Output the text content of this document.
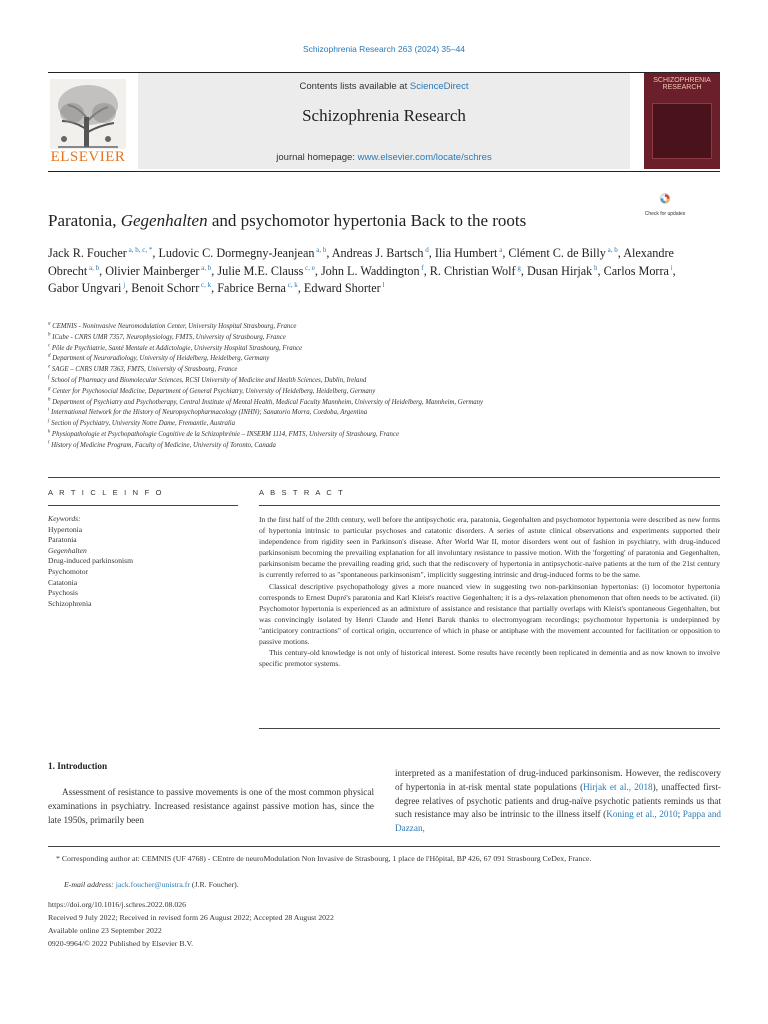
Schizophrenia Research 263 (2024) 35–44
ELSEVIER
Contents lists available at ScienceDirect
Schizophrenia Research
journal homepage: www.elsevier.com/locate/schres
SCHIZOPHRENIA RESEARCH
Paratonia, Gegenhalten and psychomotor hypertonia Back to the roots	Check for updates
Jack R. Foucher $^{a, b, c, *}$, Ludovic C. Dormegny-Jeanjean $^{a, b}$, Andreas J. Bartsch $^d$, Ilia Humbert $^a$, Clément C. de Billy $^{a, b}$, Alexandre Obrecht $^{a, b}$, Olivier Mainberger $^{a, b}$, Julie M.E. Clauss $^{c, e}$, John L. Waddington $^f$, R. Christian Wolf $^g$, Dusan Hirjak $^h$, Carlos Morra $^i$, Gabor Ungvari $^j$, Benoit Schorr $^{c, k}$, Fabrice Berna $^{c, k}$, Edward Shorter $^l$
$^a$ CEMNIS - Noninvasive Neuromodulation Center, University Hospital Strasbourg, France
$^b$ ICube - CNRS UMR 7357, Neurophysiology, FMTS, University of Strasbourg, France
$^c$ Pôle de Psychiatrie, Santé Mentale et Addictologie, University Hospital Strasbourg, France
$^d$ Department of Neuroradiology, University of Heidelberg, Heidelberg, Germany
$^e$ SAGE – CNRS UMR 7363, FMTS, University of Strasbourg, France
$^f$ School of Pharmacy and Biomolecular Sciences, RCSI University of Medicine and Health Sciences, Dublin, Ireland
$^g$ Center for Psychosocial Medicine, Department of General Psychiatry, University of Heidelberg, Heidelberg, Germany
$^h$ Department of Psychiatry and Psychotherapy, Central Institute of Mental Health, Medical Faculty Mannheim, University of Heidelberg, Mannheim, Germany
$^i$ International Network for the History of Neuropsychopharmacology (INHN); Sanatorio Morra, Cordoba, Argentina
$^j$ Section of Psychiatry, University Notre Dame, Fremantle, Australia
$^k$ Physiopathologie et Psychopathologie Cognitive de la Schizophrénie – INSERM 1114, FMTS, University of Strasbourg, France
$^l$ History of Medicine Program, Faculty of Medicine, University of Toronto, Canada
A R T I C L E I N F O	A B S T R A C T
Keywords:
Hypertonia
Paratonia
Gegenhalten
Drug-induced parkinsonism
Psychomotor
Catatonia
Psychosis
Schizophrenia

In the first half of the 20th century, well before the antipsychotic era, paratonia, Gegenhalten and psychomotor hypertonia were described as new forms of hypertonia intrinsic to particular psychoses and catatonic disorders. A series of astute clinical observations and experiments supported their independence from rigidity seen in Parkinson's disease. After World War II, motor disorders went out of fashion in psychiatry, with drug-induced parkinsonism becoming the prevailing explanation for all involuntary resistance to passive motion. With the 'forgetting' of paratonia and Gegenhalten, parkinsonism became the prevailing reading grid, such that the rediscovery of hypertonia in antipsychotic-naive patients at the turn of the 21st century is currently referred to as "spontaneous parkinsonism", implicitly suggesting intrinsic and drug-induced forms to be the same.

Classical descriptive psychopathology gives a more nuanced view in suggesting two non-parkinsonian hypertonias: (i) locomotor hypertonia corresponds to Ernest Dupré's paratonia and Karl Kleist's reactive Gegenhalten; it is a dys-relaxation phenomenon that often needs to be activated. (ii) Psychomotor hypertonia is experienced as an admixture of assistance and resistance that partially overlaps with Kleist's spontaneous Gegenhalten, but was convincingly isolated by Henri Claude and Henri Baruk thanks to electromyogram recordings; psychomotor hypertonia is underpinned by "anticipatory contractions" of cortical origin, occurrence of which in phase or antiphase with the movement accounted for facilitation or opposition to passive motions.

This century-old knowledge is not only of historical interest. Some results have recently been replicated in dementia and as now known to involve specific premotor systems.

1. Introduction

Assessment of resistance to passive movements is one of the most common physical examinations in psychiatry. Increased resistance against passive motion has, since the late 1950s, primarily been

interpreted as a manifestation of drug-induced parkinsonism. However, the rediscovery of hypertonia in at-risk mental state populations (Hirjak et al., 2018), unaffected first-degree relatives of psychotic patients and drug-naïve psychotic patients reminds us that such resistance may also be intrinsic to the illness itself (Koning et al., 2010; Pappa and Dazzan,

* Corresponding author at: CEMNIS (UF 4768) - CEntre de neuroModulation Non Invasive de Strasbourg, 1 place de l'Hôpital, BP 426, 67 091 Strasbourg CeDex, France.
E-mail address: jack.foucher@unistra.fr (J.R. Foucher).
https://doi.org/10.1016/j.schres.2022.08.026
Received 9 July 2022; Received in revised form 26 August 2022; Accepted 28 August 2022
Available online 23 September 2022
0920-9964/© 2022 Published by Elsevier B.V.
